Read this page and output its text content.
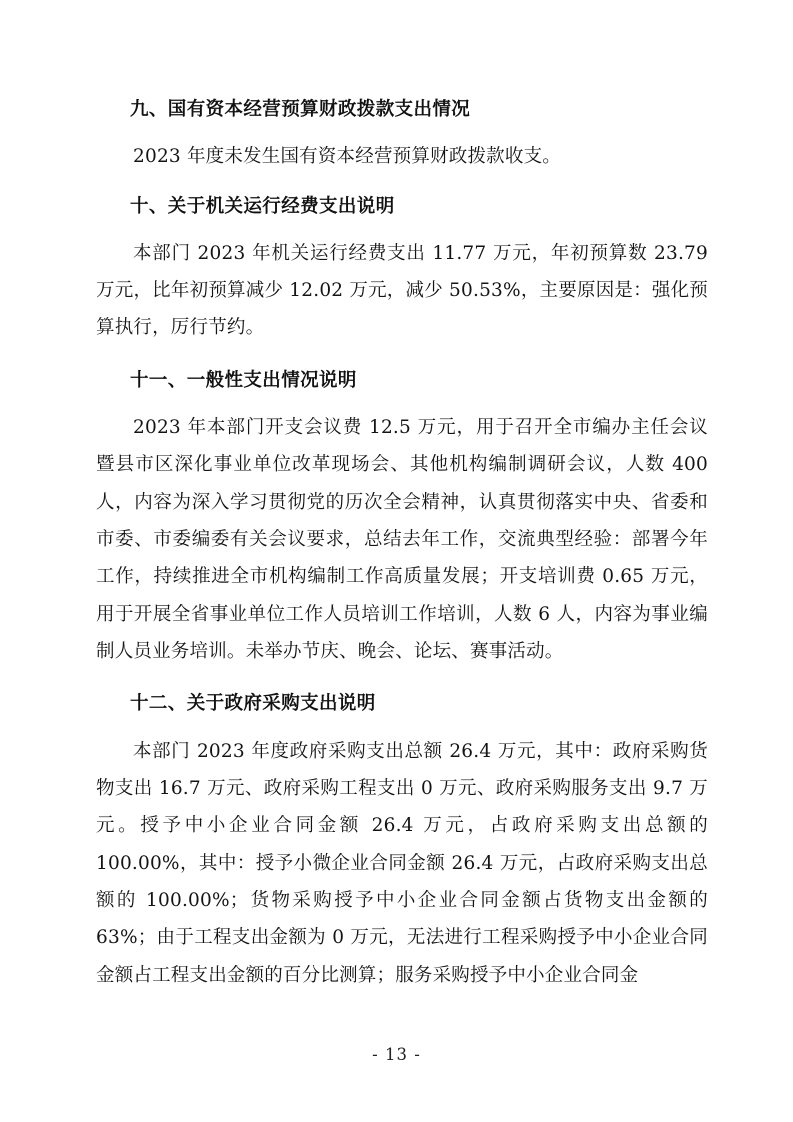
九、国有资本经营预算财政拨款支出情况

2023 年度未发生国有资本经营预算财政拨款收支。

十、关于机关运行经费支出说明

本部门 2023 年机关运行经费支出 11.77 万元，年初预算数 23.79 万元，比年初预算减少 12.02 万元，减少 50.53%，主要原因是：强化预算执行，厉行节约。

十一、一般性支出情况说明

2023 年本部门开支会议费 12.5 万元，用于召开全市编办主任会议暨县市区深化事业单位改革现场会、其他机构编制调研会议，人数 400 人，内容为深入学习贯彻党的历次全会精神，认真贯彻落实中央、省委和市委、市委编委有关会议要求，总结去年工作，交流典型经验：部署今年工作，持续推进全市机构编制工作高质量发展；开支培训费 0.65 万元，用于开展全省事业单位工作人员培训工作培训，人数 6 人，内容为事业编制人员业务培训。未举办节庆、晚会、论坛、赛事活动。

十二、关于政府采购支出说明

本部门 2023 年度政府采购支出总额 26.4 万元，其中：政府采购货物支出 16.7 万元、政府采购工程支出 0 万元、政府采购服务支出 9.7 万元。授予中小企业合同金额 26.4 万元，占政府采购支出总额的 100.00%，其中：授予小微企业合同金额 26.4 万元，占政府采购支出总额的 100.00%；货物采购授予中小企业合同金额占货物支出金额的 63%；由于工程支出金额为 0 万元，无法进行工程采购授予中小企业合同金额占工程支出金额的百分比测算；服务采购授予中小企业合同金

- 13 -
